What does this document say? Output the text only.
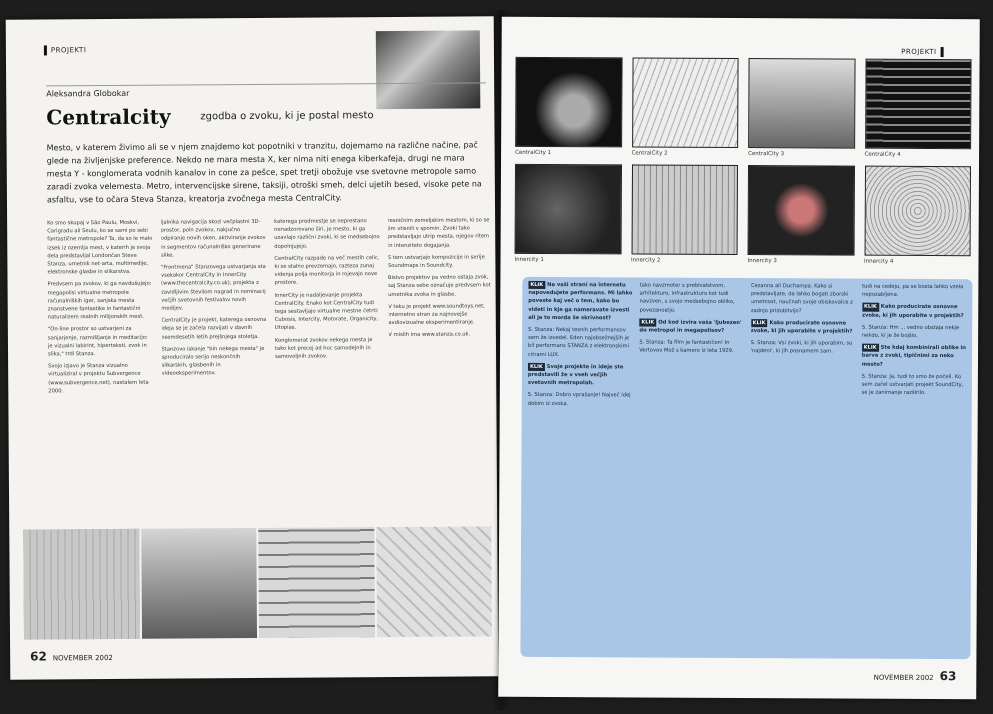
PROJEKTI
Aleksandra Globokar
Centralcity	zgodba o zvoku, ki je postal mesto
Mesto, v katerem živimo ali se v njem znajdemo kot popotniki v tranzitu, dojemamo na različne načine, pač glede na življenjske preference. Nekdo ne mara mesta X, ker nima niti enega kiberkafeja, drugi ne mara mesta Y - konglomerata vodnih kanalov in cone za pešce, spet tretji obožuje vse svetovne metropole samo zaradi zvoka velemesta. Metro, intervencijske sirene, taksiji, otroški smeh, delci ujetih besed, visoke pete na asfaltu, vse to očara Steva Stanza, kreatorja zvočnega mesta CentralCity.

Ko smo skupaj v São Paulu, Moskvi, Carigradu ali Seulu, ko se sami po sebi fantastične metropole? Ta, da so le malo izsek iz ozemlja mest, v katerih je svoja dela predstavljal Londončan Steve Stanza, umetnik net-arta, multimedije, elektronske glasbe in slikarstva.

Predvsem pa zvokov, ki ga navdušujejo: megapolisi virtualne metropole računalniških iger, sanjska mesta znanstvene fantastike in fantastični naturalizem realnih milijonskih mest.

"On-line prostor so ustvarjeni za sanjarjenje, razmišljanje in meditacijo: je vizualni labirint, hiperteksti, zvok in slika," trdi Stanza.

Svojo izjavo je Stanza vizualno virtualiziral v projektu Subvergence (www.subvergence.net), nastalem leta 2000.

ljalnika navigacija skozi večplastni 3D-prostor, poln zvokov, nakjučno odpiranje novih oken, aktiviranje zvokov in segmentov računalniško generirane slike.

"Frontmena" Stanzovega ustvarjanja sta vsekakor CentralCity in InnerCity (www.thecentralcity.co.uk), projekta z zavidljivim številom nagrad in nominacij večjih svetovnih festivalov novih medijev.

CentralCity je projekt, katerega osnovna ideja se je začela razvijati v davnih osemdesetih letih prejšnjega stoletja.

Stanzovo iskanje "bin nekega mesta" je sproduciralo serijo neskončnih slikarskih, glasbenih in videoeksperimentov.

katerega predmestje se neprestano nenadzorovano širi, je mesto, ki ga uzavlajo različni zvoki, ki se medsebojno dopolnjujejo.

CentralCity razpade na več mestih celic, ki se stalno prevzemajo, razteza zunaj videnja polja monitorja in rojevajo nove prostore.

InnerCity je nadaljevanje projekta CentralCity. Enako kot CentralCity tudi tega sestavljajo virtualne mestne četrti: Cubosis, Intercity, Motorate, Organicity, Utopias.

Konglomerat zvokov nekega mesta je tako kot precej ad hoc samodejnih in samovoljnih zvokov.

resničnim zemeljskim mestom, ki so se jim vtisnili v spomin. Zvoki tako predstavljajo utrip mesta, njegov ritem in intenziteto dogajanja.

S tem ustvarjajo kompozicije in serije Soundmaps in Soundcity.

Bistvo projektov pa vedno ostaja zvok, saj Stanza sebe označuje predvsem kot umetnika zvoka in glasbe.

V teku je projekt www.soundtoys.net, internetno stran za najnovejše avdiovizualne eksperimentiranje.

V mislih ima www.stanza.co.uk.

62 NOVEMBER 2002
PROJEKTI
CentralCity 1	CentralCity 2	CentralCity 3	CentralCity 4
Innercity 1	Innercity 2	Innercity 3	Innercity 4

KLIK Na vaši strani na internetu napovedujete performans. Mi lahko poveste kaj več o tem, kako bo videti in kje ga nameravate izvesti ali je to morda še skrivnost?

S. Stanza: Nekaj tesnih performansov sem že izvedel. Eden najobsežnejših je bil performans STANZA z elektronskimi citrami LUX.

KLIK Svoje projekte in ideje ste predstavili že v vseh večjih svetovnih metropolah.

S. Stanza: Dobro vprašanje! Največ idej dobim iz zvoka.

tako navzmoter s prebivalstvom, arhitekturo, infrastrukturo kot tudi navzven, s svojo medsebojno obliko, povezanostjo.

KLIK Od kod izvira vaša 'ljubezen' do metropol in megapolisov?

S. Stanza: Ta film je fantastičen! In Vertovov Mož s kamero iz leta 1929.

Cezanna ali Duchampa. Kako si predstavljate, da lahko bogati zborski umetnost, naučnah svoje obiskovalce z zadnjo pridobitvijo?

KLIK Kako producirate osnovne zvoke, ki jih uporabite v projektih?

S. Stanza: Vsi zvoki, ki jih uporabim, so 'najdeni', ki jih posnamem sam.

tudi na cedeju, pa se bosta lahko vzela nepozabljena.

KLIK Kako producirate osnovne zvoke, ki jih uporabite v projektih?

S. Stanza: Hm ... vedno obstaja nekje nekdo, ki je že bojšio.

KLIK Ste kdaj kombinirali oblike in barve z zvoki, tipičnimi za neko mesto?

S. Stanza: Ja, tudi to smo že počeli. Ko sem začel ustvarjati projekt SoundCity, se je zanimanje razširilo.

NOVEMBER 2002 63
